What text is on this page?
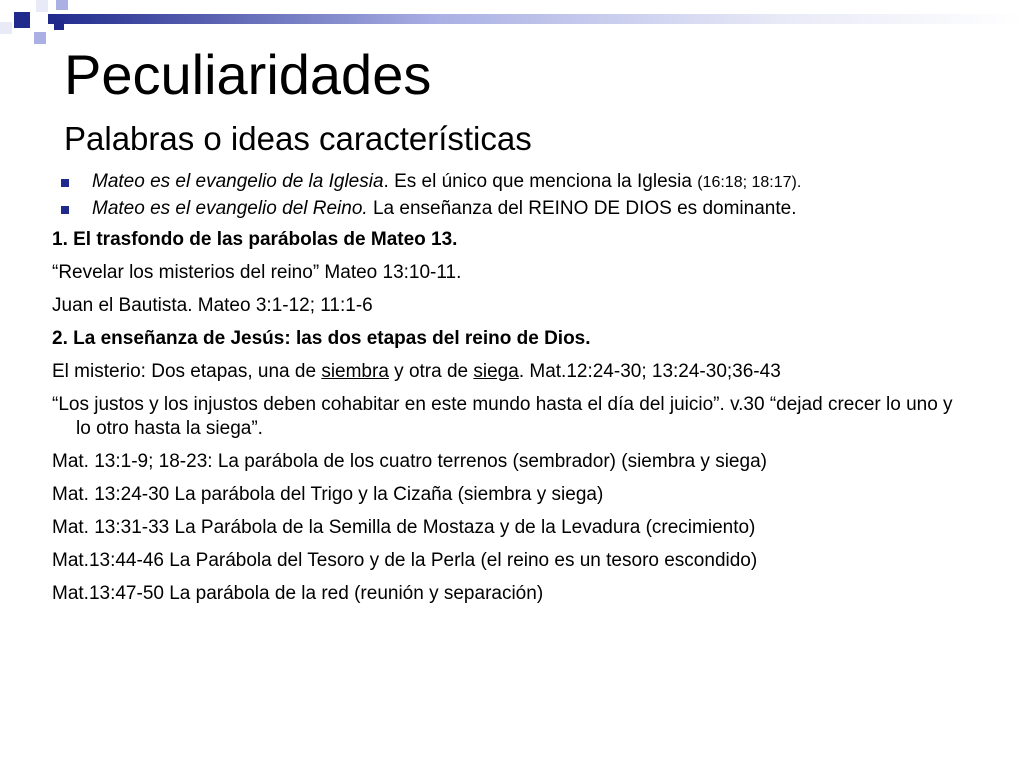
Peculiaridades
Palabras o ideas características
Mateo es el evangelio de la Iglesia. Es el único que menciona la Iglesia (16:18; 18:17).
Mateo es el evangelio del Reino. La enseñanza del REINO DE DIOS es dominante.
1. El trasfondo de las parábolas de Mateo 13.
“Revelar los misterios del reino” Mateo 13:10-11.
Juan el Bautista. Mateo 3:1-12; 11:1-6
2. La enseñanza de Jesús: las dos etapas del reino de Dios.
El misterio: Dos etapas, una de siembra y otra de siega. Mat.12:24-30; 13:24-30;36-43
“Los justos y los injustos deben cohabitar en este mundo hasta el día del juicio”. v.30 “dejad crecer lo uno y lo otro hasta la siega”.
Mat. 13:1-9; 18-23: La parábola de los cuatro terrenos (sembrador) (siembra y siega)
Mat. 13:24-30 La parábola del Trigo y la Cizaña (siembra y siega)
Mat. 13:31-33 La Parábola de la Semilla de Mostaza y de la Levadura (crecimiento)
Mat.13:44-46 La Parábola del Tesoro y de la Perla (el reino es un tesoro escondido)
Mat.13:47-50 La parábola de la red (reunión y separación)
